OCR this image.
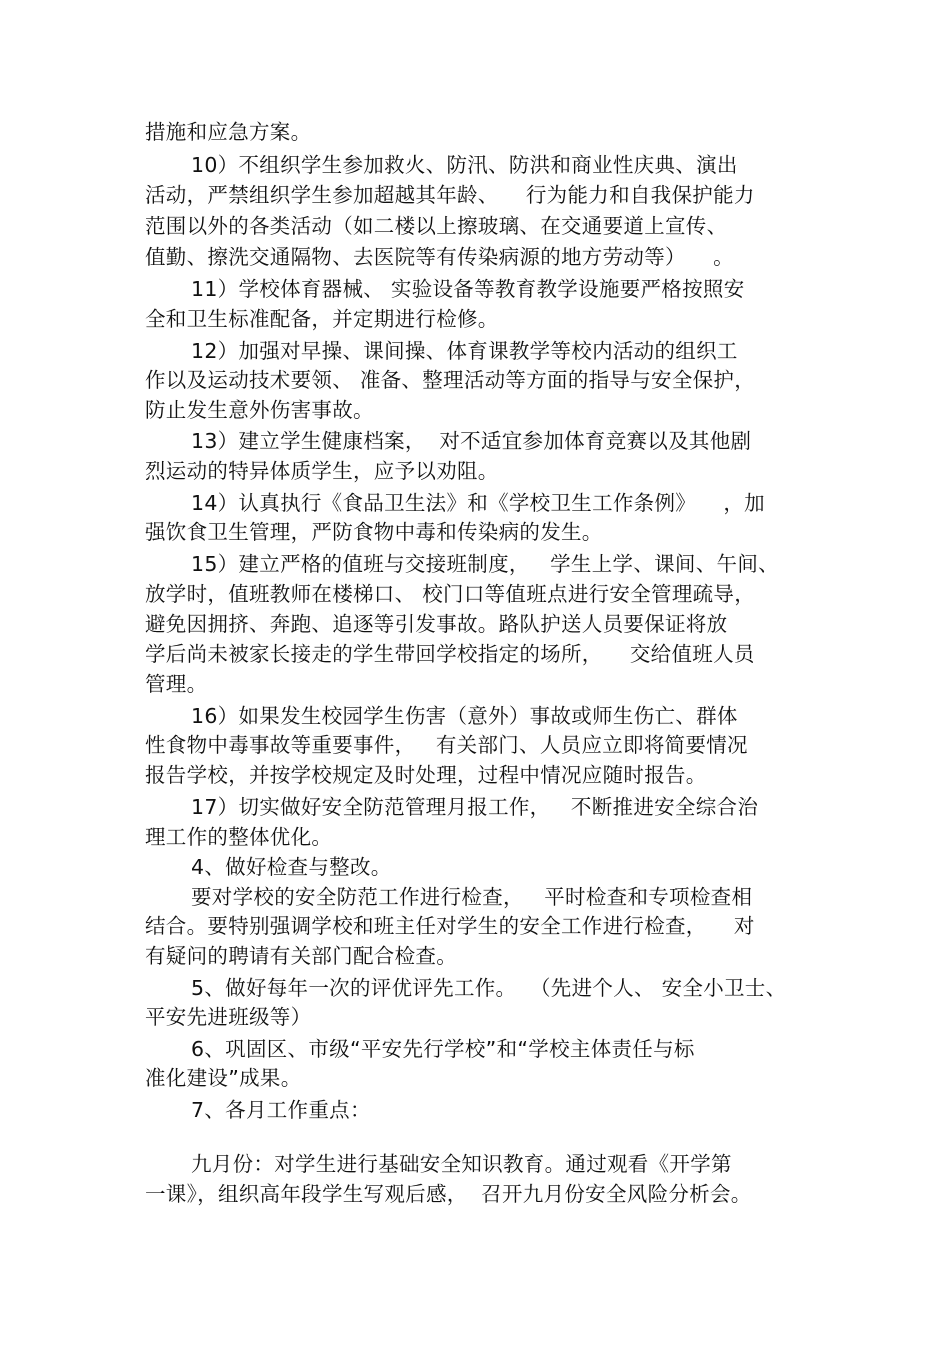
措施和应急方案。
10）不组织学生参加救火、防汛、防洪和商业性庆典、演出
活动，严禁组织学生参加超越其年龄、    行为能力和自我保护能力
范围以外的各类活动（如二楼以上擦玻璃、在交通要道上宣传、
值勤、擦洗交通隔物、去医院等有传染病源的地方劳动等）    。
11）学校体育器械、 实验设备等教育教学设施要严格按照安
全和卫生标准配备，并定期进行检修。
12）加强对早操、课间操、体育课教学等校内活动的组织工
作以及运动技术要领、 准备、整理活动等方面的指导与安全保护，
防止发生意外伤害事故。
13）建立学生健康档案，  对不适宜参加体育竞赛以及其他剧
烈运动的特异体质学生，应予以劝阻。
14）认真执行《食品卫生法》和《学校卫生工作条例》    ，加
强饮食卫生管理，严防食物中毒和传染病的发生。
15）建立严格的值班与交接班制度，   学生上学、课间、午间、
放学时，值班教师在楼梯口、 校门口等值班点进行安全管理疏导，
避免因拥挤、奔跑、追逐等引发事故。路队护送人员要保证将放
学后尚未被家长接走的学生带回学校指定的场所，    交给值班人员
管理。
16）如果发生校园学生伤害（意外）事故或师生伤亡、群体
性食物中毒事故等重要事件，   有关部门、人员应立即将简要情况
报告学校，并按学校规定及时处理，过程中情况应随时报告。
17）切实做好安全防范管理月报工作，   不断推进安全综合治
理工作的整体优化。
4、做好检查与整改。
要对学校的安全防范工作进行检查，   平时检查和专项检查相
结合。要特别强调学校和班主任对学生的安全工作进行检查，    对
有疑问的聘请有关部门配合检查。
5、做好每年一次的评优评先工作。  （先进个人、 安全小卫士、
平安先进班级等）
6、巩固区、市级“平安先行学校”和“学校主体责任与标
准化建设”成果。
7、各月工作重点：
九月份：对学生进行基础安全知识教育。通过观看《开学第
一课》，组织高年段学生写观后感，  召开九月份安全风险分析会。
